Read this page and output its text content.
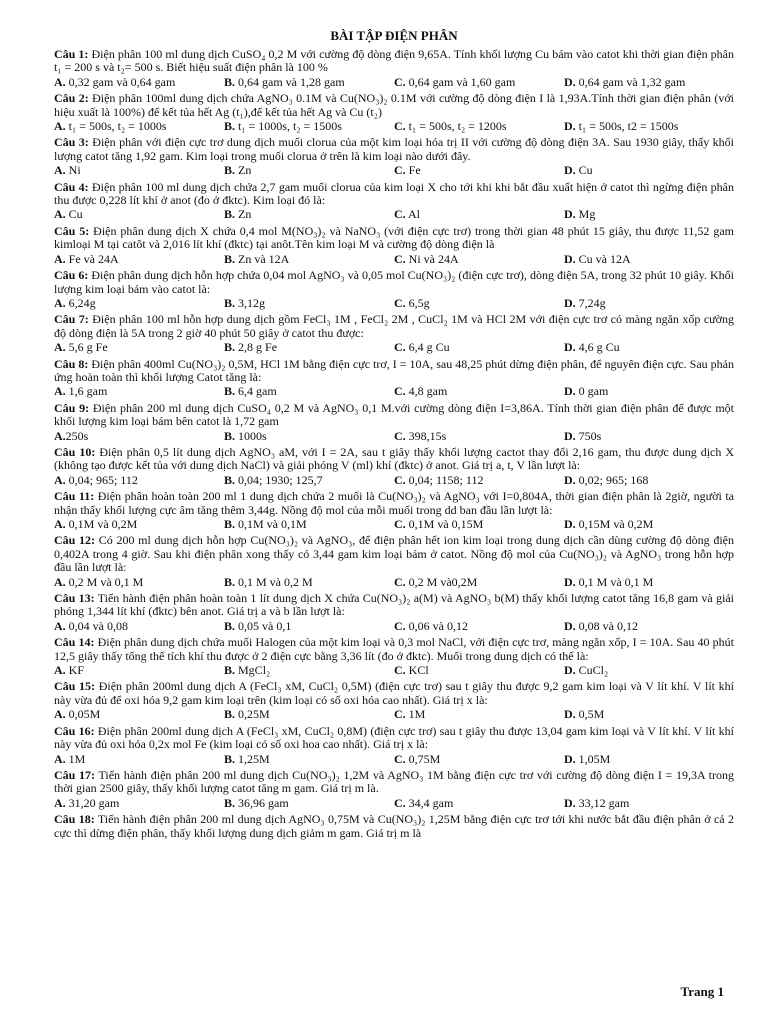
BÀI TẬP ĐIỆN PHÂN
Câu 1: Điện phân 100 ml dung dịch CuSO₄ 0,2 M với cường độ dòng điện 9,65A. Tính khối lượng Cu bám vào catot khi thời gian điện phân t₁ = 200 s và t₂= 500 s. Biết hiệu suất điện phân là 100 %
A. 0,32 gam và 0,64 gam	B. 0,64 gam và 1,28 gam	C. 0,64 gam và 1,60 gam	D. 0,64 gam và 1,32 gam
Câu 2: Điện phân 100ml dung dịch chứa AgNO₃ 0.1M và Cu(NO₃)₂ 0.1M với cường độ dòng điện I là 1,93A.Tính thời gian điện phân (với hiệu xuất là 100%) để kết tủa hết Ag (t₁),để kết tủa hết Ag và Cu (t₂)
A. t₁ = 500s, t₂ = 1000s	B. t₁ = 1000s, t₂ = 1500s	C. t₁ = 500s, t₂ = 1200s	D. t₁ = 500s, t2 = 1500s
Câu 3: Điện phân với điện cực trơ dung dịch muối clorua của một kim loại hóa trị II với cường độ dòng điện 3A. Sau 1930 giây, thấy khối lượng catot tăng 1,92 gam. Kim loại trong muối clorua ở trên là kim loại nào dưới đây.
A. Ni	B. Zn	C. Fe	D. Cu
Câu 4: Điện phân 100 ml dung dịch chứa 2,7 gam muối clorua của kim loại X cho tới khi khi bắt đầu xuất hiện ở catot thì ngừng điện phân thu được 0,228 lít khí ở anot (đo ở đktc). Kim loại đó là:
A. Cu	B. Zn	C. Al	D. Mg
Câu 5: Điện phân dung dịch X chứa 0,4 mol M(NO₃)₂ và NaNO₃ (với điện cực trơ) trong thời gian 48 phút 15 giây, thu được 11,52 gam kimloại M tại catôt và 2,016 lít khí (đktc) tại anôt.Tên kim loại M và cường độ dòng điện là
A. Fe và 24A	B. Zn và 12A	C. Ni và 24A	D. Cu và 12A
Câu 6: Điện phân dung dịch hỗn hợp chứa 0,04 mol AgNO₃ và 0,05 mol Cu(NO₃)₂ (điện cực trơ), dòng điện 5A, trong 32 phút 10 giây. Khối lượng kim loại bám vào catot là:
A. 6,24g	B. 3,12g	C. 6,5g	D. 7,24g
Câu 7: Điện phân 100 ml hỗn hợp dung dịch gồm FeCl₃ 1M , FeCl₂ 2M , CuCl₂ 1M và HCl 2M với điện cực trơ có màng ngăn xốp cường độ dòng điện là 5A trong 2 giờ 40 phút 50 giây ở catot thu được:
A. 5,6 g Fe	B. 2,8 g Fe	C. 6,4 g Cu	D. 4,6 g Cu
Câu 8: Điện phân 400ml Cu(NO₃)₂ 0,5M, HCl 1M bằng điện cực trơ, I = 10A, sau 48,25 phút dừng điện phân, để nguyên điện cực. Sau phản ứng hoàn toàn thì khối lượng Catot tăng là:
A. 1,6 gam	B. 6,4 gam	C. 4,8 gam	D. 0 gam
Câu 9: Điện phân 200 ml dung dịch CuSO₄ 0,2 M và AgNO₃ 0,1 M.với cường dòng điện I=3,86A. Tính thời gian điện phân để được một khối lượng kim loại bám bên catot là 1,72 gam
A.250s	B. 1000s	C. 398,15s	D. 750s
Câu 10: Điện phân 0,5 lít dung dịch AgNO₃ aM, với I = 2A, sau t giây thấy khối lượng cactot thay đổi 2,16 gam, thu được dung dịch X (không tạo được kết tủa với dung dịch NaCl) và giải phóng V (ml) khí (đktc) ở anot. Giá trị a, t, V lần lượt là:
A. 0,04; 965; 112	B. 0,04; 1930; 125,7	C. 0,04; 1158; 112	D. 0,02; 965; 168
Câu 11: Điện phân hoàn toàn 200 ml 1 dung dịch chứa 2 muối là Cu(NO₃)₂ và AgNO₃ với I=0,804A, thời gian điện phân là 2giờ, người ta nhận thấy khối lượng cực âm tăng thêm 3,44g. Nồng độ mol của mỗi muối trong dd ban đầu lần lượt là:
A. 0,1M và 0,2M	B. 0,1M và 0,1M	C. 0,1M và 0,15M	D. 0,15M và 0,2M
Câu 12: Có 200 ml dung dịch hỗn hợp Cu(NO₃)₂ và AgNO₃, để điện phân hết ion kim loại trong dung dịch cần dùng cường độ dòng điện 0,402A trong 4 giờ. Sau khi điện phân xong thấy có 3,44 gam kim loại bám ở catot. Nồng độ mol của Cu(NO₃)₂ và AgNO₃ trong hỗn hợp đầu lần lượt là:
A. 0,2 M và 0,1 M	B. 0,1 M và 0,2 M	C. 0,2 M và0,2M	D. 0,1 M và 0,1 M
Câu 13: Tiến hành điện phân hoàn toàn 1 lít dung dịch X chứa Cu(NO₃)₂ a(M) và AgNO₃ b(M) thấy khối lượng catot tăng 16,8 gam và giải phóng 1,344 lít khí (đktc) bên anot. Giá trị a và b lần lượt là:
A. 0,04 và 0,08	B. 0,05 và 0,1	C. 0,06 và 0,12	D. 0,08 và 0,12
Câu 14: Điện phân dung dịch chứa muối Halogen của một kim loại và 0,3 mol NaCl, với điện cực trơ, màng ngăn xốp, I = 10A. Sau 40 phút 12,5 giây thấy tổng thể tích khí thu được ở 2 điện cực bằng 3,36 lít (đo ở đktc). Muối trong dung dịch có thể là:
A. KF	B. MgCl₂	C. KCl	D. CuCl₂
Câu 15: Điện phân 200ml dung dịch A (FeCl₃ xM, CuCl₂ 0,5M) (điện cực trơ) sau t giây thu được 9,2 gam kim loại và V lít khí. V lít khí này vừa đủ để oxi hóa 9,2 gam kim loại trên (kim loại có số oxi hóa cao nhất). Giá trị x là:
A. 0,05M	B. 0,25M	C. 1M	D. 0,5M
Câu 16: Điện phân 200ml dung dịch A (FeCl₃ xM, CuCl₂ 0,8M) (điện cực trơ) sau t giây thu được 13,04 gam kim loại và V lít khí. V lít khí này vừa đủ oxi hóa 0,2x mol Fe (kim loại có số oxi hoa cao nhất). Giá trị x là:
A. 1M	B. 1,25M	C. 0,75M	D. 1,05M
Câu 17: Tiến hành điện phân 200 ml dung dịch Cu(NO₃)₂ 1,2M và AgNO₃ 1M bằng điện cực trơ với cường độ dòng điện I = 19,3A trong thời gian 2500 giây, thấy khối lượng catot tăng m gam. Giá trị m là.
A. 31,20 gam	B. 36,96 gam	C. 34,4 gam	D. 33,12 gam
Câu 18: Tiến hành điện phân 200 ml dung dịch AgNO₃ 0,75M và Cu(NO₃)₂ 1,25M bằng điện cực trơ tới khi nước bắt đầu điện phân ở cả 2 cực thì dừng điện phân, thấy khối lượng dung dịch giảm m gam. Giá trị m là
Trang 1
